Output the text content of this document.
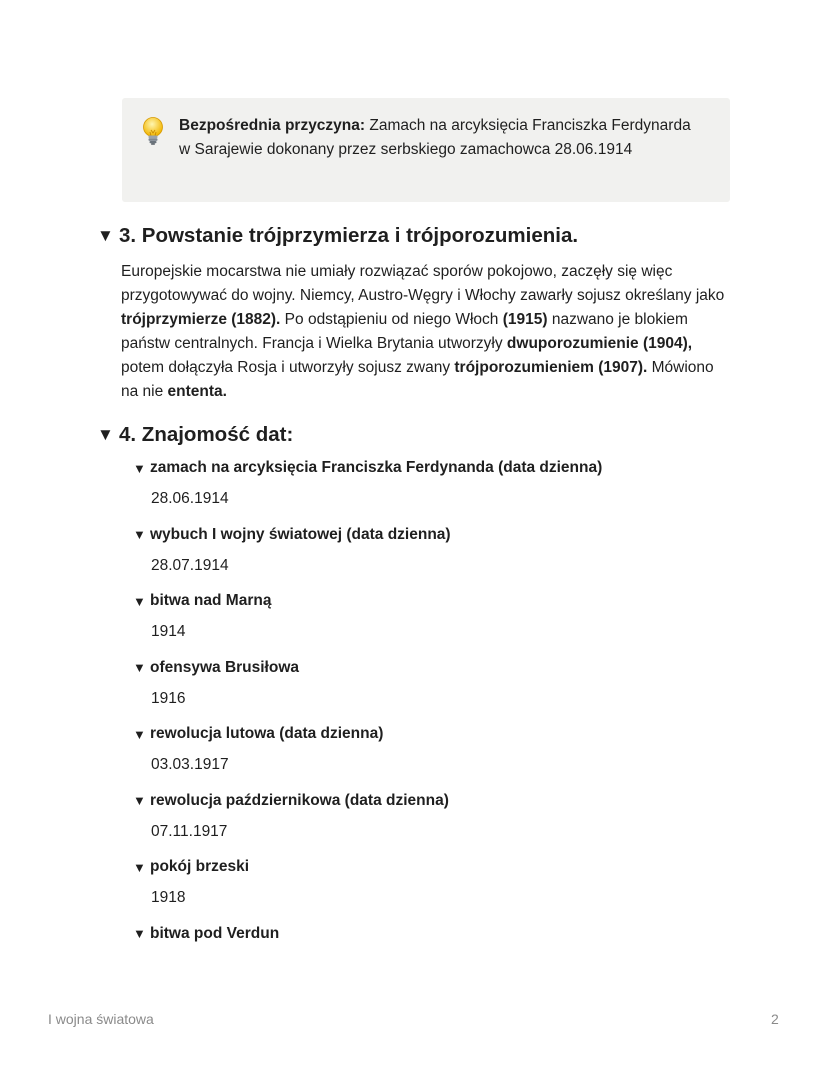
Bezpośrednia przyczyna: Zamach na arcyksięcia Franciszka Ferdynarda w Sarajewie dokonany przez serbskiego zamachowca 28.06.1914
▼ 3. Powstanie trójprzymierza i trójporozumienia.
Europejskie mocarstwa nie umiały rozwiązać sporów pokojowo, zaczęły się więc przygotowywać do wojny. Niemcy, Austro-Węgry i Włochy zawarły sojusz określany jako trójprzymierze (1882). Po odstąpieniu od niego Włoch (1915) nazwano je blokiem państw centralnych. Francja i Wielka Brytania utworzyły dwuporozumienie (1904), potem dołączyła Rosja i utworzyły sojusz zwany trójporozumieniem (1907). Mówiono na nie ententa.
▼ 4. Znajomość dat:
▼ zamach na arcyksięcia Franciszka Ferdynanda (data dzienna)
28.06.1914
▼ wybuch I wojny światowej (data dzienna)
28.07.1914
▼ bitwa nad Marną
1914
▼ ofensywa Brusiłowa
1916
▼ rewolucja lutowa (data dzienna)
03.03.1917
▼ rewolucja październikowa (data dzienna)
07.11.1917
▼ pokój brzeski
1918
▼ bitwa pod Verdun
I wojna światowa	2
